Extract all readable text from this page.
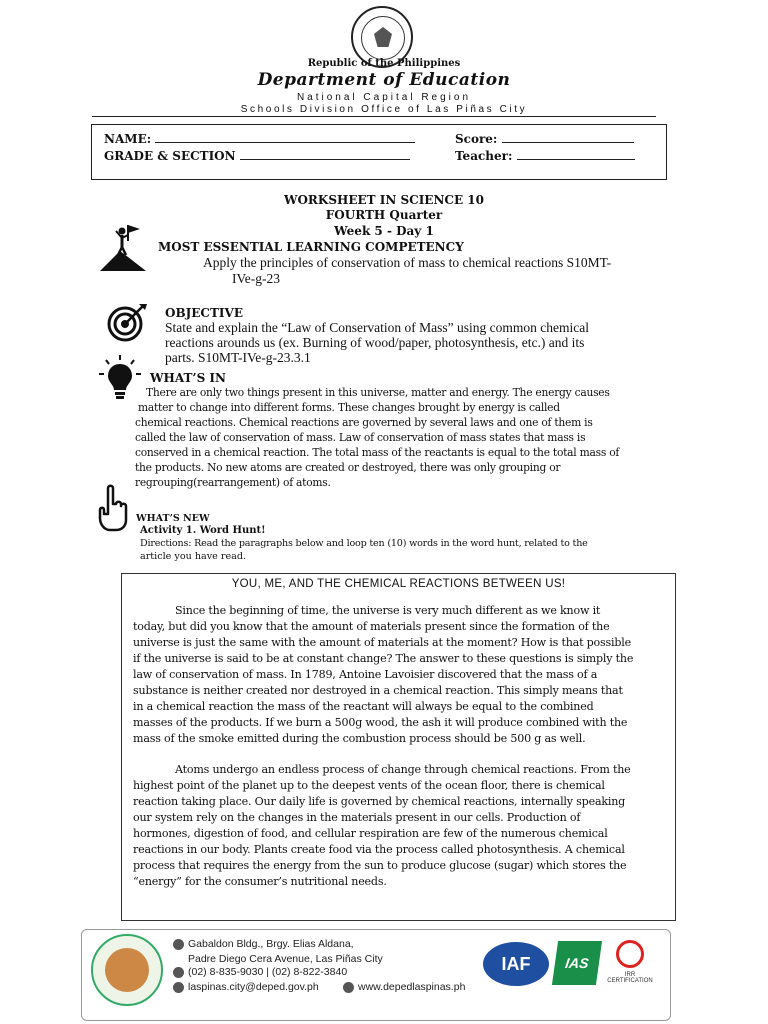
Republic of the Philippines
Department of Education
National Capital Region
Schools Division Office of Las Piñas City
NAME:	Score:
GRADE & SECTION	Teacher:
WORKSHEET IN SCIENCE 10
FOURTH Quarter
Week 5 - Day 1
MOST ESSENTIAL LEARNING COMPETENCY
Apply the principles of conservation of mass to chemical reactions S10MT-
IVe-g-23
OBJECTIVE
State and explain the “Law of Conservation of Mass” using common chemical
reactions arounds us (ex. Burning of wood/paper, photosynthesis, etc.) and its
parts. S10MT-IVe-g-23.3.1
WHAT’S IN
There are only two things present in this universe, matter and energy. The energy causes
matter to change into different forms. These changes brought by energy is called
chemical reactions. Chemical reactions are governed by several laws and one of them is
called the law of conservation of mass. Law of conservation of mass states that mass is
conserved in a chemical reaction. The total mass of the reactants is equal to the total mass of
the products. No new atoms are created or destroyed, there was only grouping or
regrouping(rearrangement) of atoms.
WHAT’S NEW
Activity 1. Word Hunt!
Directions: Read the paragraphs below and loop ten (10) words in the word hunt, related to the
article you have read.
YOU, ME, AND THE CHEMICAL REACTIONS BETWEEN US!
Since the beginning of time, the universe is very much different as we know it
today, but did you know that the amount of materials present since the formation of the
universe is just the same with the amount of materials at the moment? How is that possible
if the universe is said to be at constant change? The answer to these questions is simply the
law of conservation of mass. In 1789, Antoine Lavoisier discovered that the mass of a
substance is neither created nor destroyed in a chemical reaction. This simply means that
in a chemical reaction the mass of the reactant will always be equal to the combined
masses of the products. If we burn a 500g wood, the ash it will produce combined with the
mass of the smoke emitted during the combustion process should be 500 g as well.
Atoms undergo an endless process of change through chemical reactions. From the
highest point of the planet up to the deepest vents of the ocean floor, there is chemical
reaction taking place. Our daily life is governed by chemical reactions, internally speaking
our system rely on the changes in the materials present in our cells. Production of
hormones, digestion of food, and cellular respiration are few of the numerous chemical
reactions in our body. Plants create food via the process called photosynthesis. A chemical
process that requires the energy from the sun to produce glucose (sugar) which stores the
“energy” for the consumer’s nutritional needs.
Gabaldon Bldg., Brgy. Elias Aldana,
Padre Diego Cera Avenue, Las Piñas City
(02) 8-835-9030 | (02) 8-822-3840
laspinas.city@deped.gov.ph	www.depedlaspinas.ph
IAF	IAS
IRR CERTIFICATION
